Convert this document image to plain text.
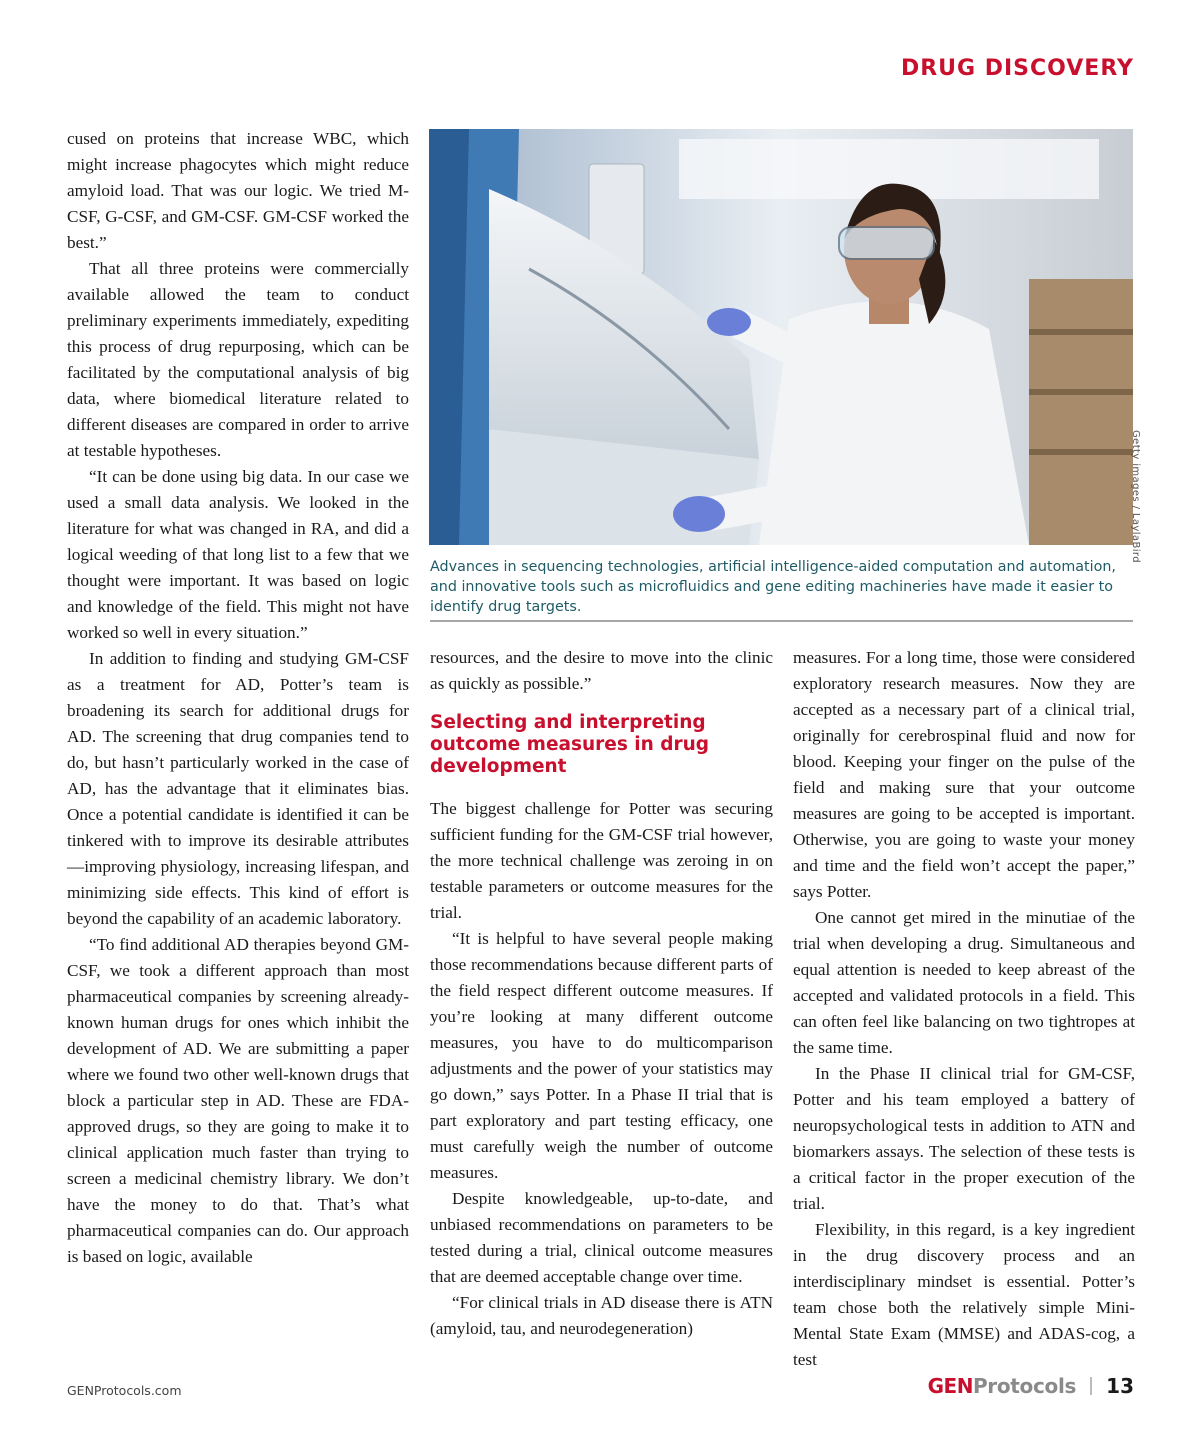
DRUG DISCOVERY

cused on proteins that increase WBC, which might increase phagocytes which might reduce amyloid load. That was our logic. We tried M-CSF, G-CSF, and GM-CSF. GM-CSF worked the best.”

That all three proteins were commercially available allowed the team to conduct preliminary experiments immediately, expediting this process of drug repurposing, which can be facilitated by the computational analysis of big data, where biomedical literature related to different diseases are compared in order to arrive at testable hypotheses.

“It can be done using big data. In our case we used a small data analysis. We looked in the literature for what was changed in RA, and did a logical weeding of that long list to a few that we thought were important. It was based on logic and knowledge of the field. This might not have worked so well in every situation.”

In addition to finding and studying GM-CSF as a treatment for AD, Potter’s team is broadening its search for additional drugs for AD. The screening that drug companies tend to do, but hasn’t particularly worked in the case of AD, has the advantage that it eliminates bias. Once a potential candidate is identified it can be tinkered with to improve its desirable attributes—improving physiology, increasing lifespan, and minimizing side effects. This kind of effort is beyond the capability of an academic laboratory.

“To find additional AD therapies beyond GM-CSF, we took a different approach than most pharmaceutical companies by screening already-known human drugs for ones which inhibit the development of AD. We are submitting a paper where we found two other well-known drugs that block a particular step in AD. These are FDA-approved drugs, so they are going to make it to clinical application much faster than trying to screen a medicinal chemistry library. We don’t have the money to do that. That’s what pharmaceutical companies can do. Our approach is based on logic, available

Getty images / LaylaBird
Advances in sequencing technologies, artificial intelligence-aided computation and automation, and innovative tools such as microfluidics and gene editing machineries have made it easier to identify drug targets.

resources, and the desire to move into the clinic as quickly as possible.”

Selecting and interpreting outcome measures in drug development

The biggest challenge for Potter was securing sufficient funding for the GM-CSF trial however, the more technical challenge was zeroing in on testable parameters or outcome measures for the trial.

“It is helpful to have several people making those recommendations because different parts of the field respect different outcome measures. If you’re looking at many different outcome measures, you have to do multicomparison adjustments and the power of your statistics may go down,” says Potter. In a Phase II trial that is part exploratory and part testing efficacy, one must carefully weigh the number of outcome measures.

Despite knowledgeable, up-to-date, and unbiased recommendations on parameters to be tested during a trial, clinical outcome measures that are deemed acceptable change over time.

“For clinical trials in AD disease there is ATN (amyloid, tau, and neurodegeneration)

measures. For a long time, those were considered exploratory research measures. Now they are accepted as a necessary part of a clinical trial, originally for cerebrospinal fluid and now for blood. Keeping your finger on the pulse of the field and making sure that your outcome measures are going to be accepted is important. Otherwise, you are going to waste your money and time and the field won’t accept the paper,” says Potter.

One cannot get mired in the minutiae of the trial when developing a drug. Simultaneous and equal attention is needed to keep abreast of the accepted and validated protocols in a field. This can often feel like balancing on two tightropes at the same time.

In the Phase II clinical trial for GM-CSF, Potter and his team employed a battery of neuropsychological tests in addition to ATN and biomarkers assays. The selection of these tests is a critical factor in the proper execution of the trial.

Flexibility, in this regard, is a key ingredient in the drug discovery process and an interdisciplinary mindset is essential. Potter’s team chose both the relatively simple Mini-Mental State Exam (MMSE) and ADAS-cog, a test

GENProtocols.com	GENProtocols 13
